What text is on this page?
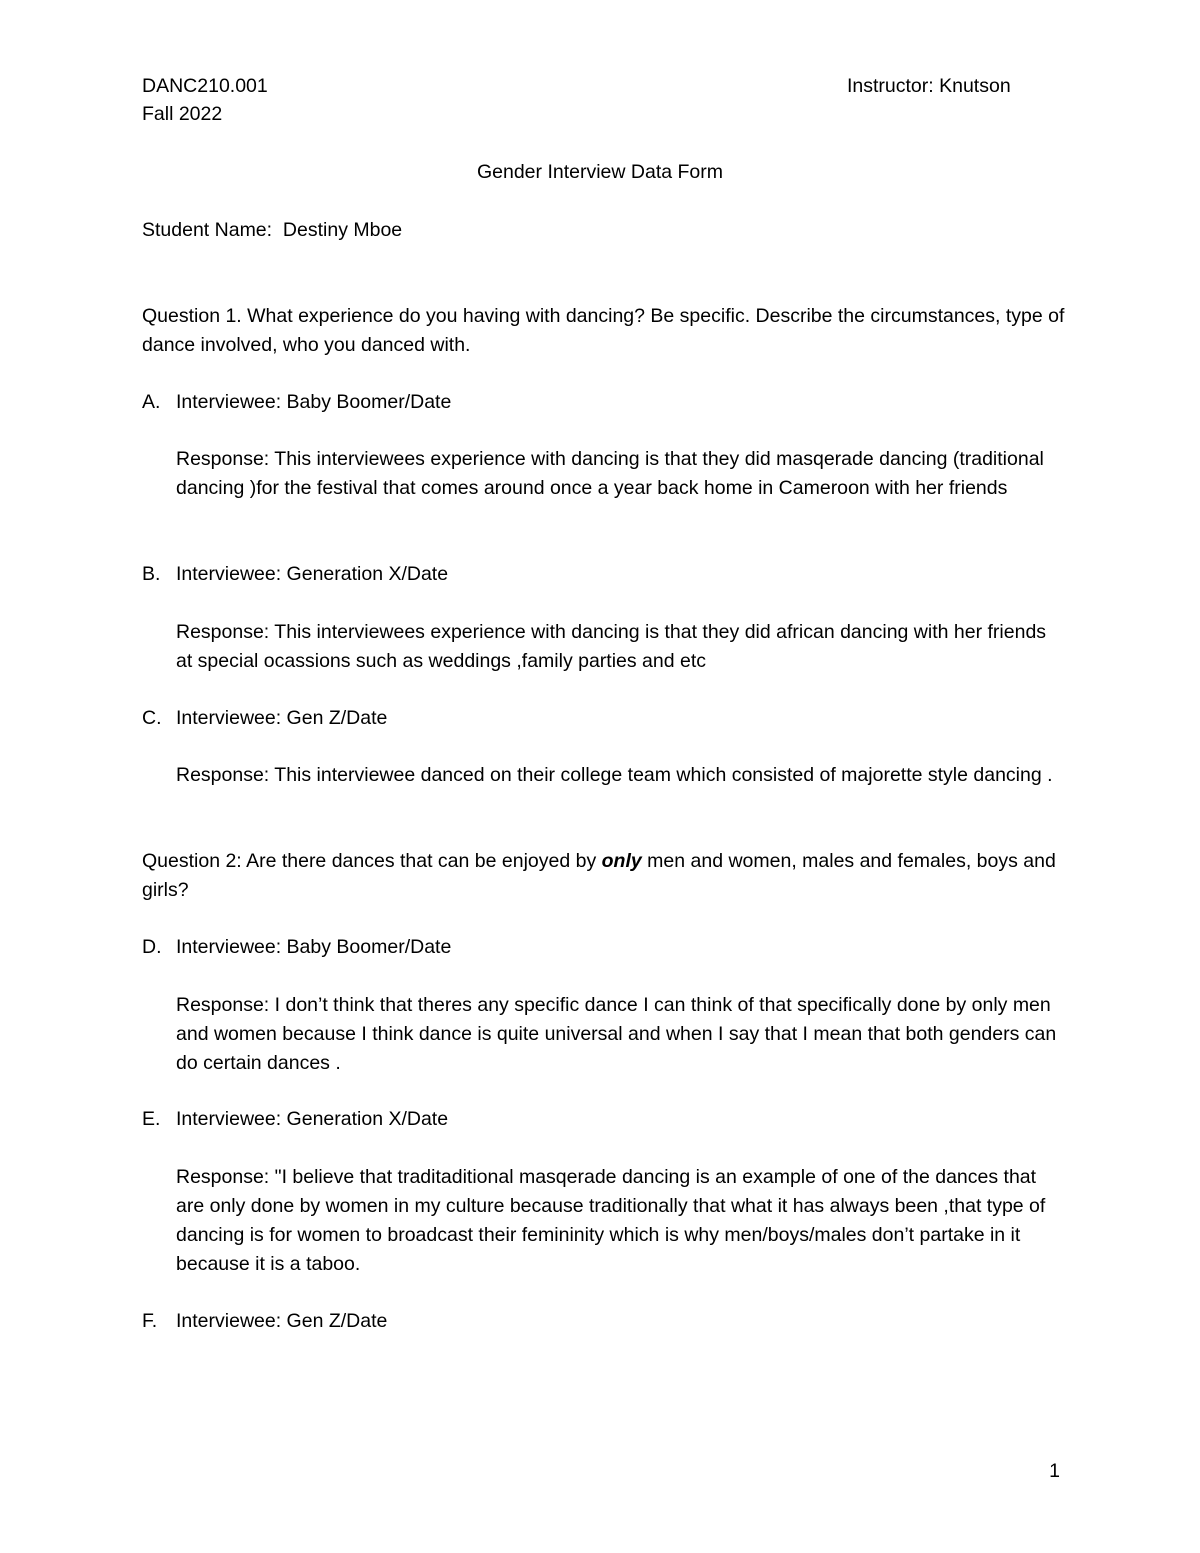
DANC210.001
Fall 2022
Instructor: Knutson
Gender Interview Data Form
Student Name: Destiny Mboe
Question 1. What experience do you having with dancing? Be specific. Describe the circumstances, type of dance involved, who you danced with.
A. Interviewee: Baby Boomer/Date
Response: This interviewees experience with dancing is that they did masqerade dancing (traditional dancing )for the festival that comes around once a year back home in Cameroon with her friends
B. Interviewee: Generation X/Date
Response: This interviewees experience with dancing is that they did african dancing with her friends at special ocassions such as weddings ,family parties and etc
C. Interviewee: Gen Z/Date
Response: This interviewee danced on their college team which consisted of majorette style dancing .
Question 2: Are there dances that can be enjoyed by only men and women, males and females, boys and girls?
D. Interviewee: Baby Boomer/Date
Response: I don’t think that theres any specific dance I can think of that specifically done by only men and women because I think dance is quite universal and when I say that I mean that both genders can do certain dances .
E. Interviewee: Generation X/Date
Response: "I believe that traditaditional masqerade dancing is an example of one of the dances that are only done by women in my culture because traditionally that what it has always been ,that type of dancing is for women to broadcast their femininity which is why men/boys/males don’t partake in it because it is a taboo.
F. Interviewee: Gen Z/Date
1
